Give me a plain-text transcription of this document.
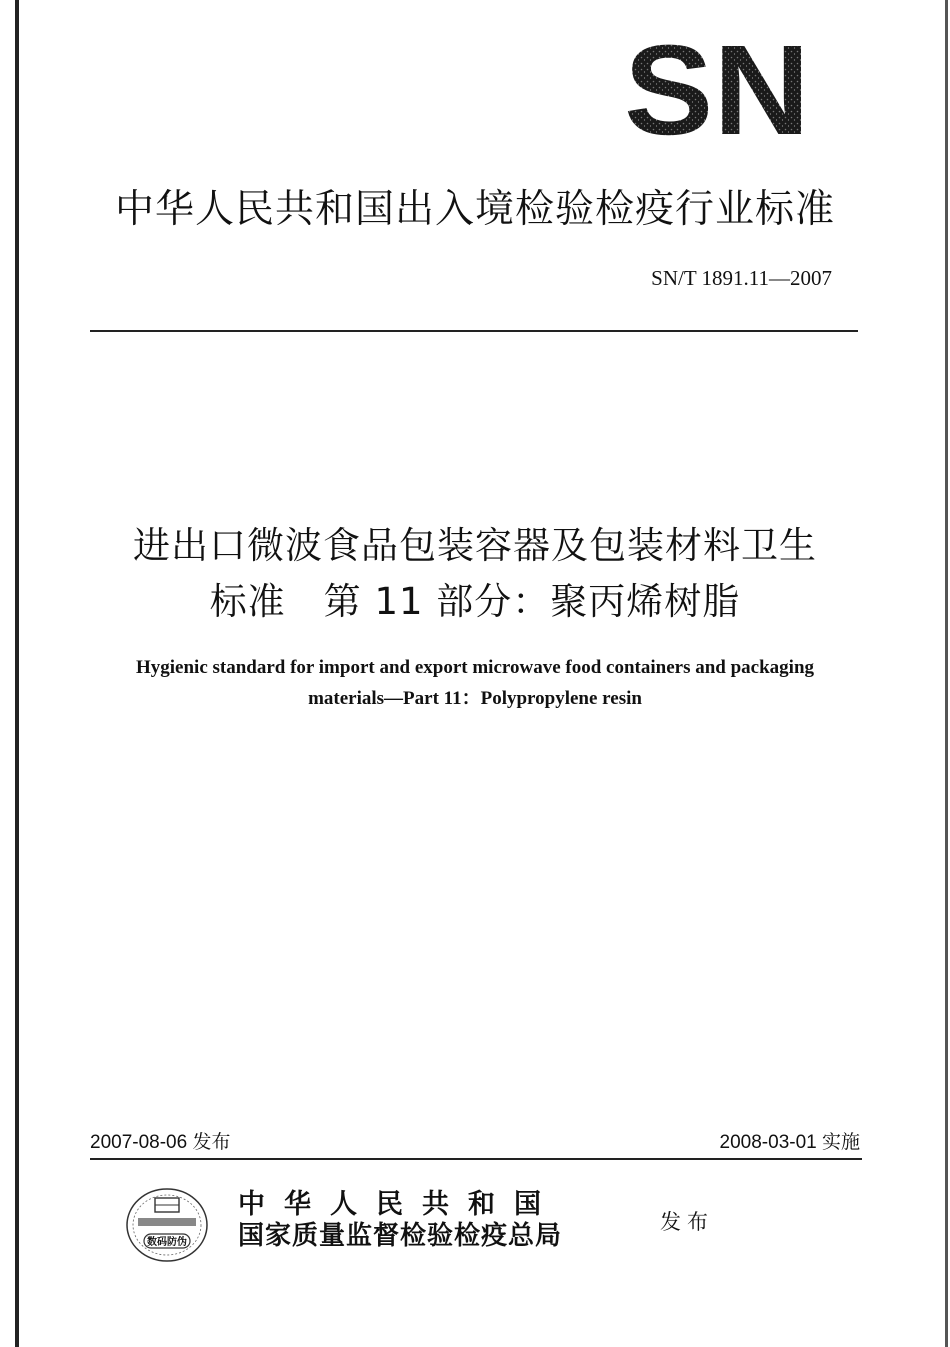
SN
中华人民共和国出入境检验检疫行业标准
SN/T 1891.11—2007
进出口微波食品包装容器及包装材料卫生
标准　第 11 部分：聚丙烯树脂
Hygienic standard for import and export microwave food containers and packaging
materials—Part 11：Polypropylene resin
2007-08-06 发布	2008-03-01 实施
数码防伪
中华人民共和国
国家质量监督检验检疫总局	发布
